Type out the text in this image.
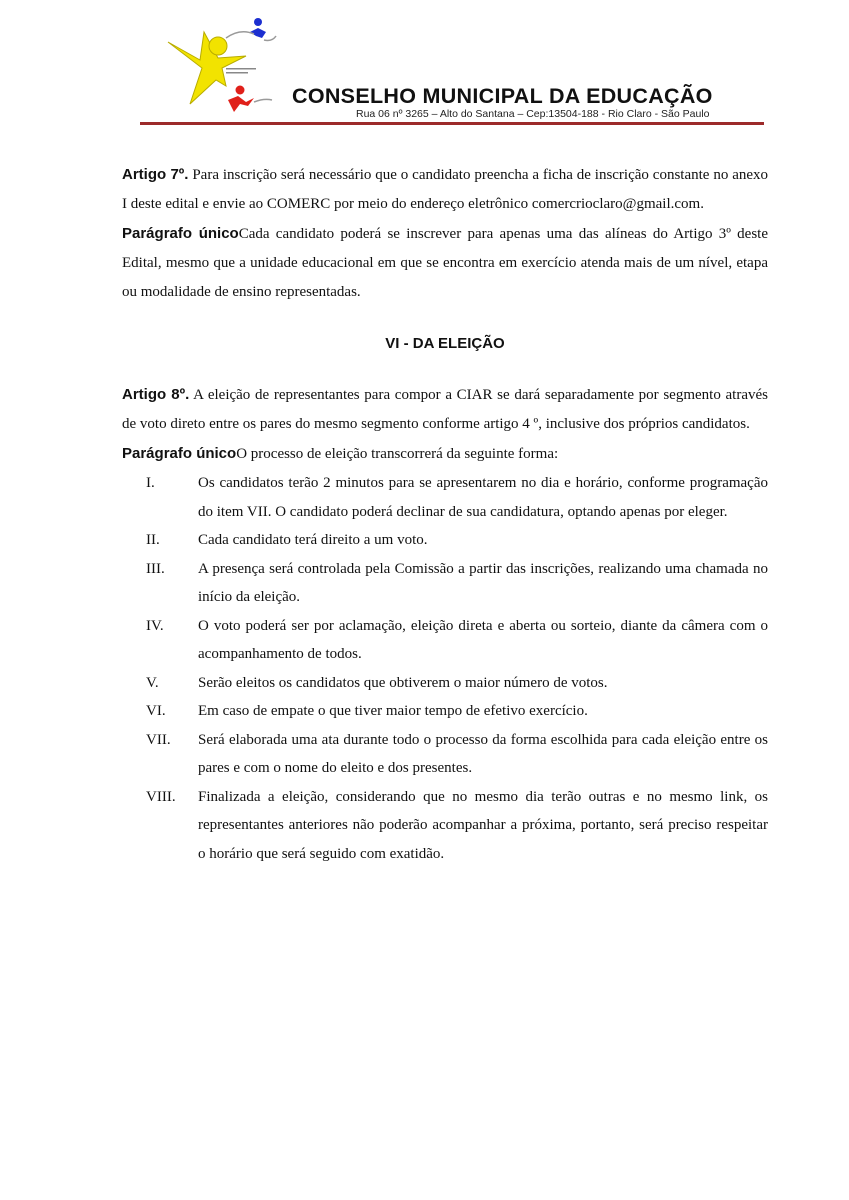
CONSELHO MUNICIPAL DA EDUCAÇÃO
Rua 06 nº 3265 – Alto do Santana – Cep:13504-188 - Rio Claro - São Paulo

Artigo 7º. Para inscrição será necessário que o candidato preencha a ficha de inscrição constante no anexo I deste edital e envie ao COMERC por meio do endereço eletrônico comercrioclaro@gmail.com.

Parágrafo únicoCada candidato poderá se inscrever para apenas uma das alíneas do Artigo 3º deste Edital, mesmo que a unidade educacional em que se encontra em exercício atenda mais de um nível, etapa ou modalidade de ensino representadas.

VI - DA ELEIÇÃO

Artigo 8º. A eleição de representantes para compor a CIAR se dará separadamente por segmento através de voto direto entre os pares do mesmo segmento conforme artigo 4 º, inclusive dos próprios candidatos.

Parágrafo únicoO processo de eleição transcorrerá da seguinte forma:

I.	Os candidatos terão 2 minutos para se apresentarem no dia e horário, conforme programação do item VII. O candidato poderá declinar de sua candidatura, optando apenas por eleger.
II.	Cada candidato terá direito a um voto.
III.	A presença será controlada pela Comissão a partir das inscrições, realizando uma chamada no início da eleição.
IV.	O voto poderá ser por aclamação, eleição direta e aberta ou sorteio, diante da câmera com o acompanhamento de todos.
V.	Serão eleitos os candidatos que obtiverem o maior número de votos.
VI.	Em caso de empate o que tiver maior tempo de efetivo exercício.
VII.	Será elaborada uma ata durante todo o processo da forma escolhida para cada eleição entre os pares e com o nome do eleito e dos presentes.
VIII.	Finalizada a eleição, considerando que no mesmo dia terão outras e no mesmo link, os representantes anteriores não poderão acompanhar a próxima, portanto, será preciso respeitar o horário que será seguido com exatidão.
